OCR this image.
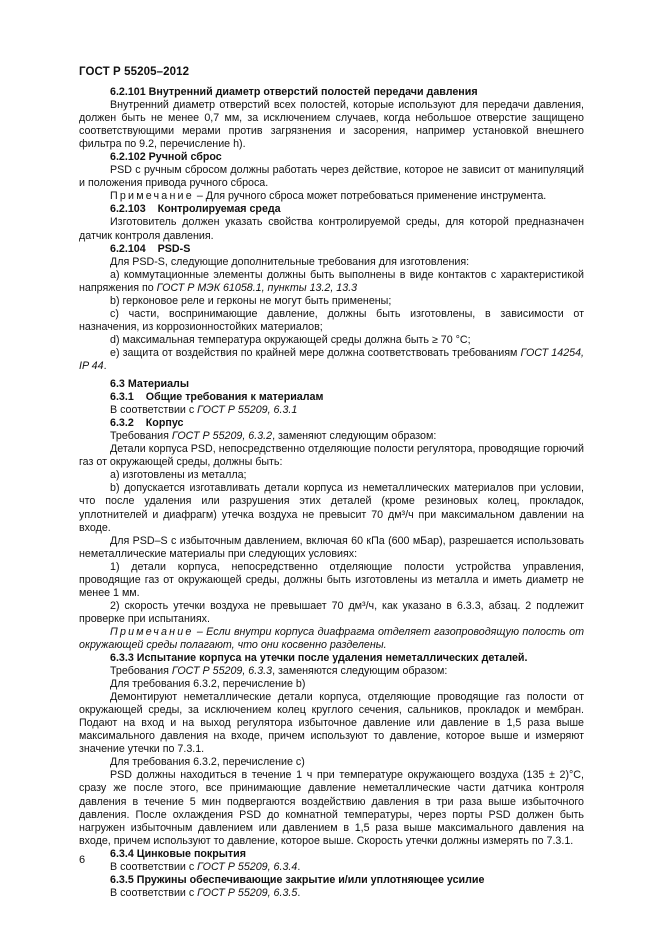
ГОСТ Р 55205–2012

6.2.101 Внутренний диаметр отверстий полостей передачи давления

Внутренний диаметр отверстий всех полостей, которые используют для передачи давления, должен быть не менее 0,7 мм, за исключением случаев, когда небольшое отверстие защищено соответствующими мерами против загрязнения и засорения, например установкой внешнего фильтра по 9.2, перечисление h).

6.2.102 Ручной сброс

PSD с ручным сбросом должны работать через действие, которое не зависит от манипуляций и положения привода ручного сброса.

Примечание – Для ручного сброса может потребоваться применение инструмента.

6.2.103 Контролируемая среда

Изготовитель должен указать свойства контролируемой среды, для которой предназначен датчик контроля давления.

6.2.104 PSD-S

Для PSD-S, следующие дополнительные требования для изготовления:

a) коммутационные элементы должны быть выполнены в виде контактов с характеристикой напряжения по ГОСТ Р МЭК 61058.1, пункты 13.2, 13.3

b) герконовое реле и герконы не могут быть применены;

c) части, воспринимающие давление, должны быть изготовлены, в зависимости от назначения, из коррозионностойких материалов;

d) максимальная температура окружающей среды должна быть ≥ 70 °С;

e) защита от воздействия по крайней мере должна соответствовать требованиям ГОСТ 14254, IP 44.

6.3 Материалы

6.3.1 Общие требования к материалам

В соответствии с ГОСТ Р 55209, 6.3.1

6.3.2 Корпус

Требования ГОСТ Р 55209, 6.3.2, заменяют следующим образом:

Детали корпуса PSD, непосредственно отделяющие полости регулятора, проводящие горючий газ от окружающей среды, должны быть:

a) изготовлены из металла;

b) допускается изготавливать детали корпуса из неметаллических материалов при условии, что после удаления или разрушения этих деталей (кроме резиновых колец, прокладок, уплотнителей и диафрагм) утечка воздуха не превысит 70 дм³/ч при максимальном давлении на входе.

Для PSD–S с избыточным давлением, включая 60 кПа (600 мБар), разрешается использовать неметаллические материалы при следующих условиях:

1) детали корпуса, непосредственно отделяющие полости устройства управления, проводящие газ от окружающей среды, должны быть изготовлены из металла и иметь диаметр не менее 1 мм.

2) скорость утечки воздуха не превышает 70 дм³/ч, как указано в 6.3.3, абзац. 2 подлежит проверке при испытаниях.

Примечание – Если внутри корпуса диафрагма отделяет газопроводящую полость от окружающей среды полагают, что они косвенно разделены.

6.3.3 Испытание корпуса на утечки после удаления неметаллических деталей.

Требования ГОСТ Р 55209, 6.3.3, заменяются следующим образом:

Для требования 6.3.2, перечисление b)

Демонтируют неметаллические детали корпуса, отделяющие проводящие газ полости от окружающей среды, за исключением колец круглого сечения, сальников, прокладок и мембран. Подают на вход и на выход регулятора избыточное давление или давление в 1,5 раза выше максимального давления на входе, причем используют то давление, которое выше и измеряют значение утечки по 7.3.1.

Для требования 6.3.2, перечисление с)

PSD должны находиться в течение 1 ч при температуре окружающего воздуха (135 ± 2)°С, сразу же после этого, все принимающие давление неметаллические части датчика контроля давления в течение 5 мин подвергаются воздействию давления в три раза выше избыточного давления. После охлаждения PSD до комнатной температуры, через порты PSD должен быть нагружен избыточным давлением или давлением в 1,5 раза выше максимального давления на входе, причем используют то давление, которое выше. Скорость утечки должны измерять по 7.3.1.

6.3.4 Цинковые покрытия

В соответствии с ГОСТ Р 55209, 6.3.4.

6.3.5 Пружины обеспечивающие закрытие и/или уплотняющее усилие

В соответствии с ГОСТ Р 55209, 6.3.5.

6
